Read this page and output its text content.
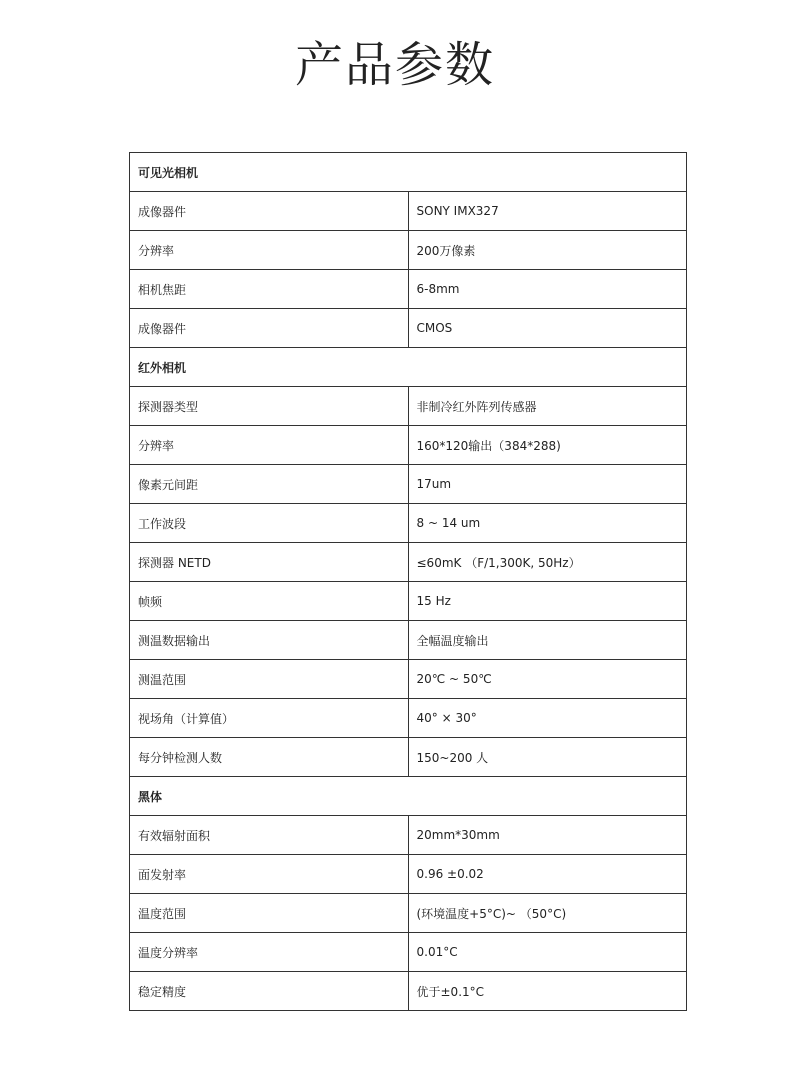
产品参数
可见光相机	
成像器件	SONY IMX327
分辨率	200万像素
相机焦距	6-8mm
成像器件	CMOS
红外相机	
探测器类型	非制冷红外阵列传感器
分辨率	160*120输出（384*288)
像素元间距	17um
工作波段	8 ~ 14 um
探测器 NETD	≤60mK （F/1,300K, 50Hz）
帧频	15 Hz
测温数据输出	全幅温度输出
测温范围	20℃ ~ 50℃
视场角（计算值）	40° × 30°
每分钟检测人数	150~200 人
黑体	
有效辐射面积	20mm*30mm
面发射率	0.96 ±0.02
温度范围	(环境温度+5°C)~ （50°C)
温度分辨率	0.01°C
稳定精度	优于±0.1°C
